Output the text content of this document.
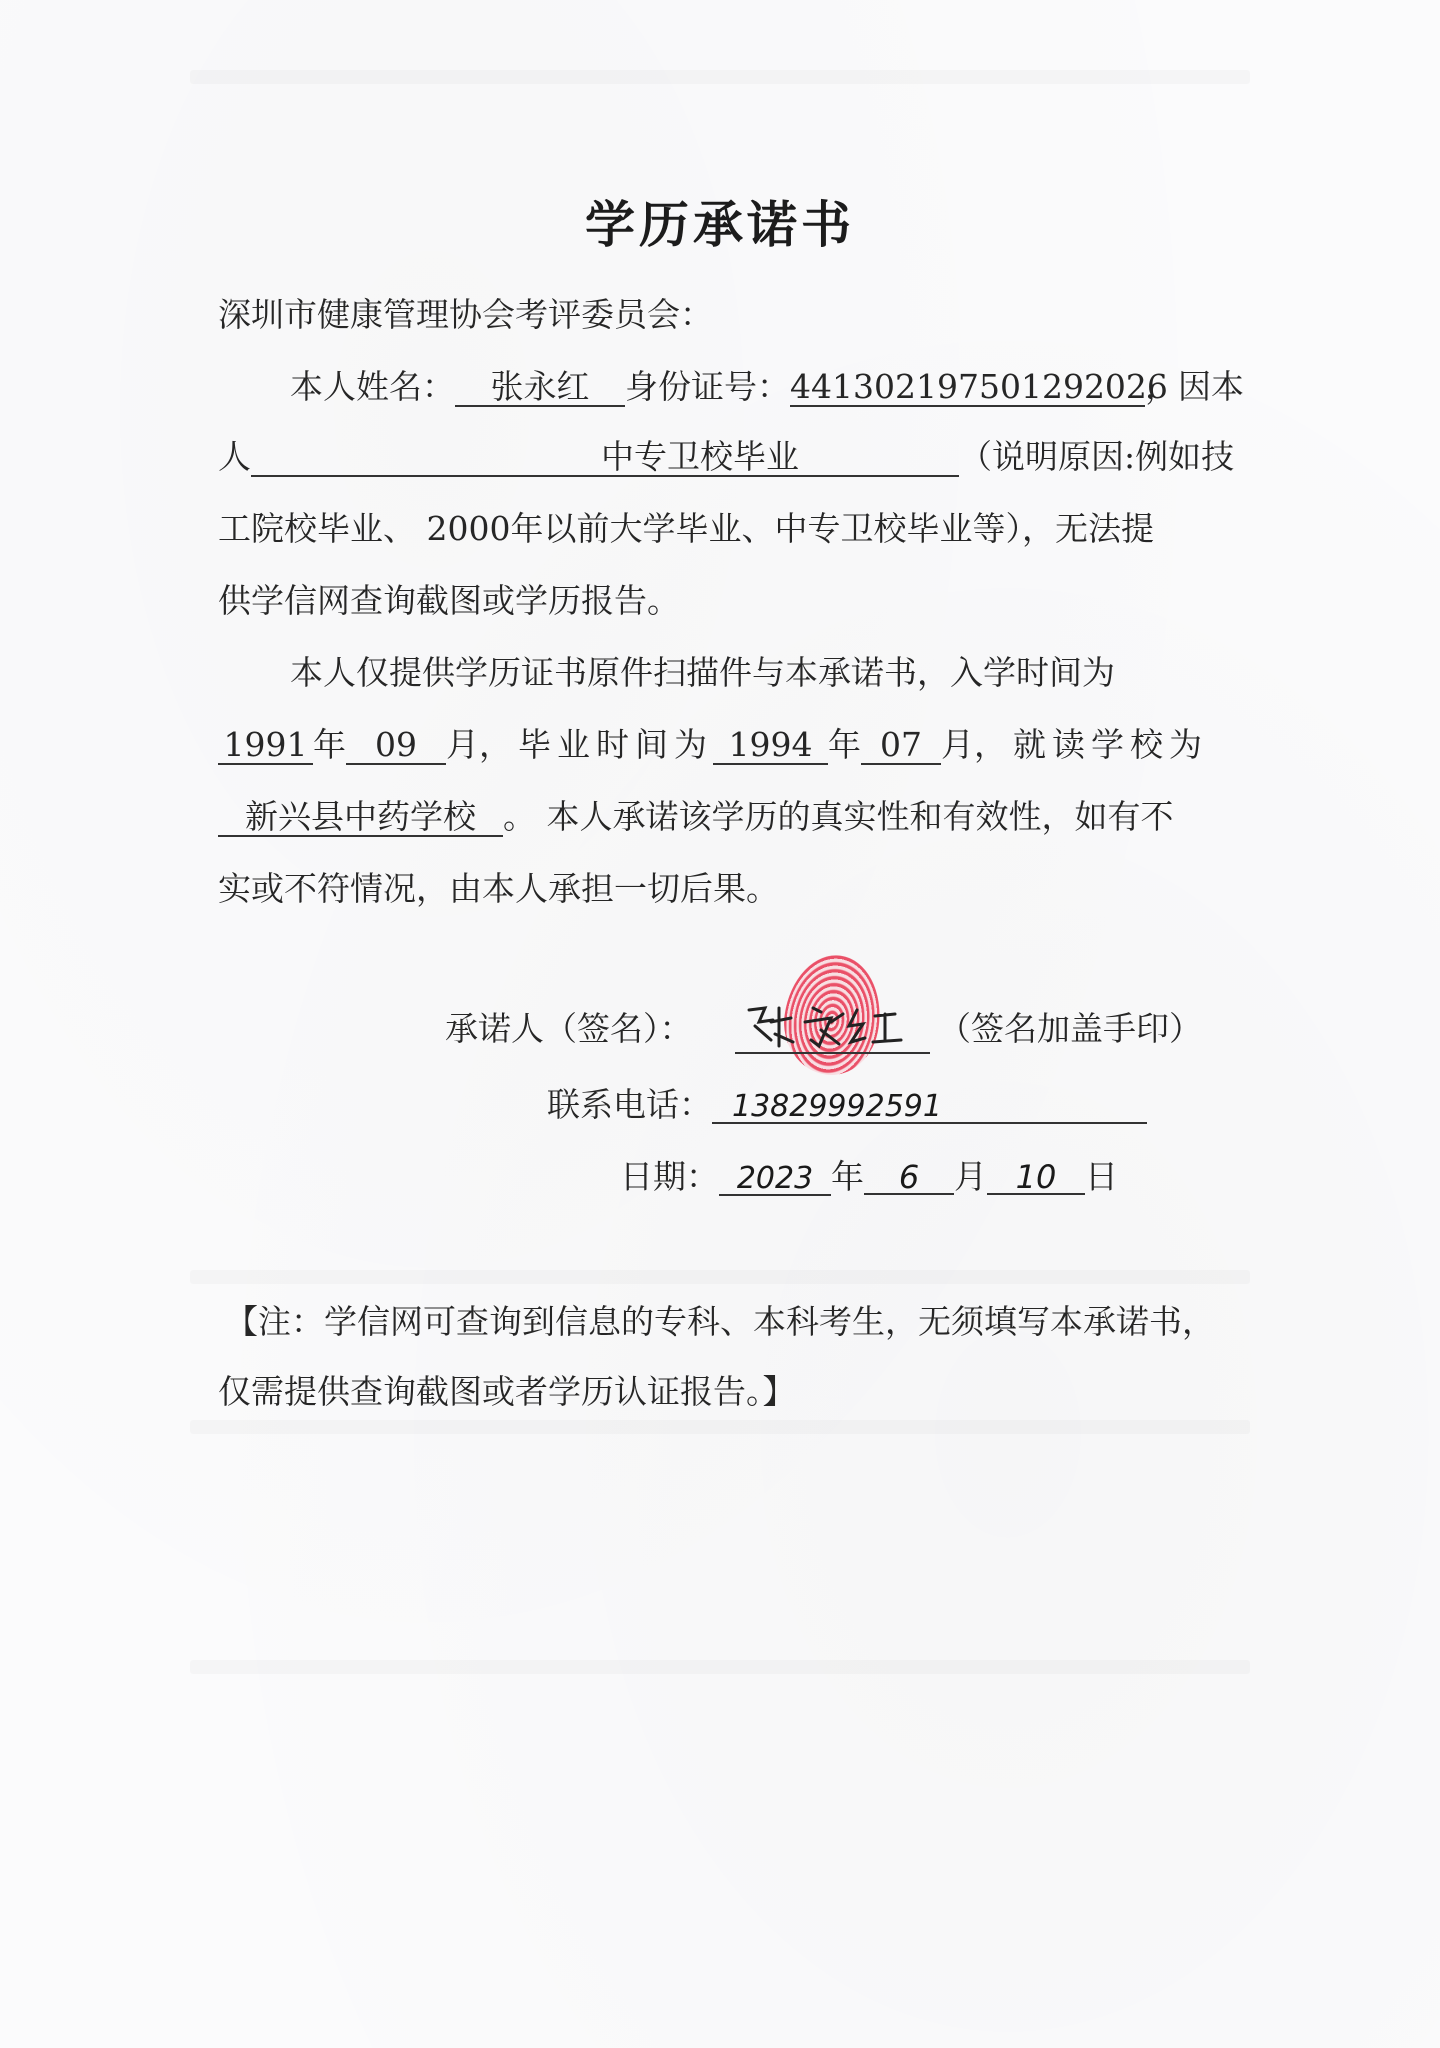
学历承诺书
深圳市健康管理协会考评委员会：
本人姓名： 张永红 身份证号：441302197501292026，因本
人	中专卫校毕业	（说明原因:例如技
工院校毕业、 2000年以前大学毕业、中专卫校毕业等），无法提
供学信网查询截图或学历报告。
本人仅提供学历证书原件扫描件与本承诺书，入学时间为
1991 年 09 月，毕业时间为 1994 年 07 月，就读学校为
新兴县中药学校 。 本人承诺该学历的真实性和有效性，如有不
实或不符情况，由本人承担一切后果。
承诺人（签名）：	（签名加盖手印）
联系电话： 13829992591
日期： 2023 年 6 月 10 日
【注：学信网可查询到信息的专科、本科考生，无须填写本承诺书，
仅需提供查询截图或者学历认证报告。】
